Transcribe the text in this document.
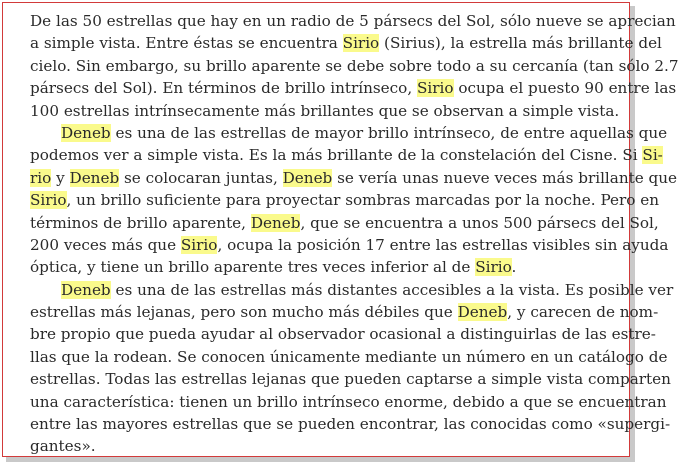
De las 50 estrellas que hay en un radio de 5 pársecs del Sol, sólo nueve se aprecian
a simple vista. Entre éstas se encuentra Sirio (Sirius), la estrella más brillante del
cielo. Sin embargo, su brillo aparente se debe sobre todo a su cercanía (tan sólo 2.7
pársecs del Sol). En términos de brillo intrínseco, Sirio ocupa el puesto 90 entre las
100 estrellas intrínsecamente más brillantes que se observan a simple vista.
Deneb es una de las estrellas de mayor brillo intrínseco, de entre aquellas que
podemos ver a simple vista. Es la más brillante de la constelación del Cisne. Si Si-
rio y Deneb se colocaran juntas, Deneb se vería unas nueve veces más brillante que
Sirio, un brillo suficiente para proyectar sombras marcadas por la noche. Pero en
términos de brillo aparente, Deneb, que se encuentra a unos 500 pársecs del Sol,
200 veces más que Sirio, ocupa la posición 17 entre las estrellas visibles sin ayuda
óptica, y tiene un brillo aparente tres veces inferior al de Sirio.
Deneb es una de las estrellas más distantes accesibles a la vista. Es posible ver
estrellas más lejanas, pero son mucho más débiles que Deneb, y carecen de nom-
bre propio que pueda ayudar al observador ocasional a distinguirlas de las estre-
llas que la rodean. Se conocen únicamente mediante un número en un catálogo de
estrellas. Todas las estrellas lejanas que pueden captarse a simple vista comparten
una característica: tienen un brillo intrínseco enorme, debido a que se encuentran
entre las mayores estrellas que se pueden encontrar, las conocidas como «supergi-
gantes».
